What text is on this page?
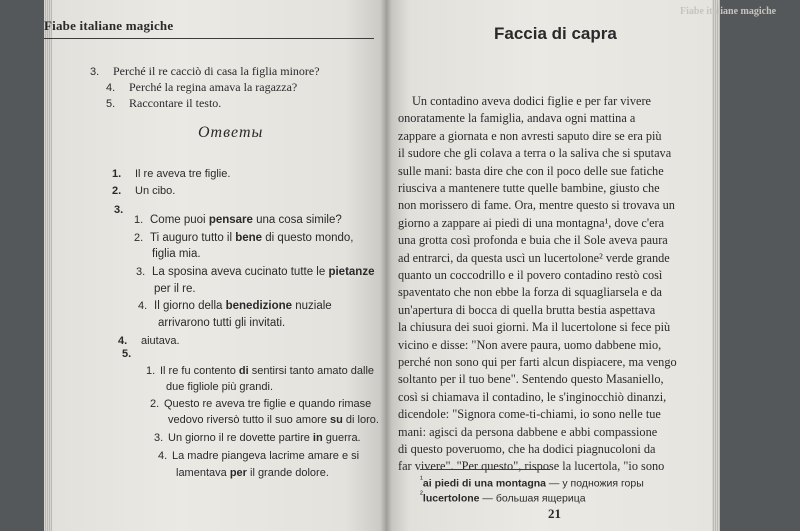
Fiabe italiane magiche
3. Perché il re cacciò di casa la figlia minore?
4. Perché la regina amava la ragazza?
5. Raccontare il testo.
Ответы
1. Il re aveva tre figlie.
2. Un cibo.
3.
1. Come puoi pensare una cosa simile?
2. Ti auguro tutto il bene di questo mondo,
figlia mia.
3. La sposina aveva cucinato tutte le pietanze
per il re.
4. Il giorno della benedizione nuziale
arrivarono tutti gli invitati.
4. aiutava.
5.
1. Il re fu contento di sentirsi tanto amato dalle
due figliole più grandi.
2. Questo re aveva tre figlie e quando rimase
vedovo riversò tutto il suo amore su di loro.
3. Un giorno il re dovette partire in guerra.
4. La madre piangeva lacrime amare e si
lamentava per il grande dolore.
Fiabe italiane magiche
Faccia di capra
Un contadino aveva dodici figlie e per far vivere
onoratamente la famiglia, andava ogni mattina a
zappare a giornata e non avresti saputo dire se era più
il sudore che gli colava a terra o la saliva che si sputava
sulle mani: basta dire che con il poco delle sue fatiche
riusciva a mantenere tutte quelle bambine, giusto che
non morissero di fame. Ora, mentre questo si trovava un
giorno a zappare ai piedi di una montagna¹, dove c'era
una grotta così profonda e buia che il Sole aveva paura
ad entrarci, da questa uscì un lucertolone² verde grande
quanto un coccodrillo e il povero contadino restò così
spaventato che non ebbe la forza di squagliarsela e da
un'apertura di bocca di quella brutta bestia aspettava
la chiusura dei suoi giorni. Ma il lucertolone si fece più
vicino e disse: "Non avere paura, uomo dabbene mio,
perché non sono qui per farti alcun dispiacere, ma vengo
soltanto per il tuo bene". Sentendo questo Masaniello,
così si chiamava il contadino, le s'inginocchiò dinanzi,
dicendole: "Signora come-ti-chiami, io sono nelle tue
mani: agisci da persona dabbene e abbi compassione
di questo poveruomo, che ha dodici piagnucoloni da
far vivere". "Per questo", rispose la lucertola, "io sono
$^{^1}$ai piedi di una montagna — у подножия горы
$^{^2}$lucertolone — большая ящерица
21
